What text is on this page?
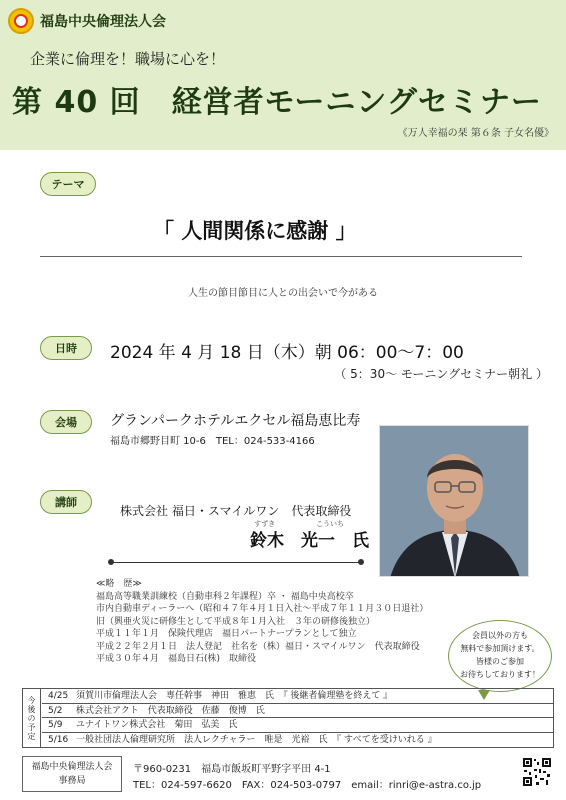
福島中央倫理法人会
企業に倫理を！職場に心を！
第 40 回　経営者モーニングセミナー
《万人幸福の栞 第６条 子女名優》
テーマ
「 人間関係に感謝 」
人生の節目節目に人との出会いで今がある
日時	2024 年 4 月 18 日（木）朝 06：00〜7：00
（ 5：30〜 モーニングセミナー朝礼 ）
会場	グランパークホテルエクセル福島恵比寿
福島市郷野目町 10-6　TEL：024-533-4166
講師
株式会社 福日・スマイルワン　代表取締役
すずき	こういち
鈴木　光一　氏
≪略　歴≫
福島高等職業訓練校（自動車科２年課程）卒 ・ 福島中央高校卒
市内自動車ディーラーへ（昭和４７年４月１日入社〜平成７年１１月３０日退社）
旧（興亜火災に研修生として平成８年１月入社　３年の研修後独立）
平成１１年１月　保険代理店　福日パートナープランとして独立
平成２２年２月１日　法人登記　社名を（株）福日・スマイルワン　代表取締役
平成３０年４月　福島日石(株)　取締役
会員以外の方も
無料で参加頂けます。
皆様のご参加
お待ちしております！
今後の予定	4/25 須賀川市倫理法人会　専任幹事　神田　雅恵　氏　『 後継者倫理塾を終えて 』
5/2 株式会社アクト　代表取締役　佐藤　俊博　氏
5/9 ユナイトワン株式会社　菊田　弘美　氏
5/16 一般社団法人倫理研究所　法人レクチャラー　唯是　光裕　氏　『 すべてを受けいれる 』
福島中央倫理法人会
事務局
〒960-0231　福島市飯坂町平野字平田 4-1
TEL：024-597-6620　FAX：024-503-0797　email：rinri@e-astra.co.jp
